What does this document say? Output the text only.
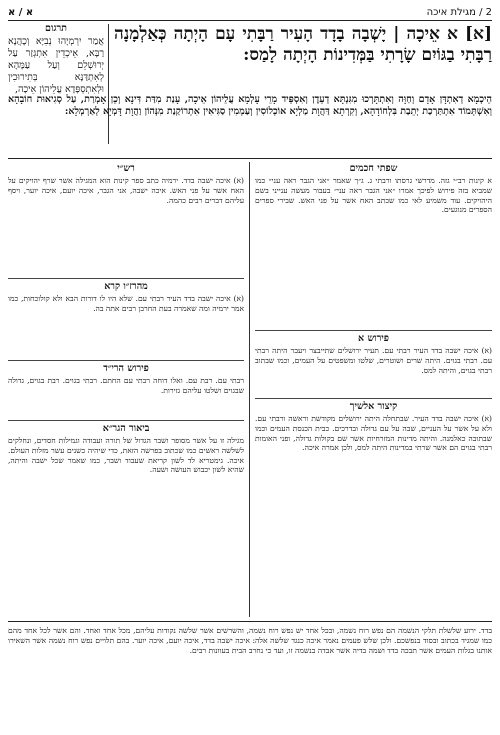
א / א	2 / מגילת איכה
תרגום
אֲמַר יִרְמְיָהוּ נְבִיָּא וְכָהֲנָא רַבָּא, אֵיכְדֵין אִתְגְּזַר עַל יְרוּשְׁלֵם וְעַל עַמָּהָא לְאִתְדַּנָּא בְּתִירוּכִין וּלְאִתְסְפָּדָא עֲלֵיהוֹן אֵיכָה,
[א] א אֵיכָה | יָשְׁבָה בָדָד הָעִיר רַבָּתִי עָם הָיְתָה כְּאַלְמָנָה רַבָּתִי בַגּוֹיִם שָׂרָתִי בַּמְּדִינוֹת הָיְתָה לָמַס:
הֵיכְמָא דְאִתְדָּן אָדָם וְחַוָּה וְאִתְתָּרְכוּ מִגִּנְתָּא דְעֵדֶן וְאִסְפֵּיד מָרֵי עָלְמָא עֲלֵיהוֹן אֵיכָה, עָנַת מִדַּת דִּינָא וְכֵן אָמְרַת, עַל סְגִיאוּת חוֹבָהָא וְאִשְׁתְּמוֹד אִתְתַּרְכַת יְתֵבַת בִּלְחוֹדָהָא, וְקִרְתָא דַּהֲוָת מַלְיָא אוֹכְלוֹסִין וְעַמְמִין סַגִּיאִין אִתְרוֹקַנַת מִנְּהוֹן וַהֲוָת דָּמְיָא לְאַרְמְלָא:
רש״י
(א) איכה ישבה בדד. ירמיה כתב ספר קינות הוא המגילה אשר שרף יהויקים על האח אשר על פני האש. איכה ישבה, אני הגבר, איכה יועם, איכה יוער, ויסף עליהם דברים רבים כהמה.
מהרז״ו קרא
(א) איכה ישבה בדד העיר רבתי עם. שלא היו לו דורות הבא ולא קולוכחות, כמו אמר ירמיה ומה שאמרה בעת החרבן רבים אתה בה.
פירוש הרי״ד
רבתי עם. רבת עם. ואלו דוחה רבתי עם החתם. רבתי בגוים. רבת בגוים, גדולה שבגוים ושלטו עליהם גזירות.
ביאור הגר״א
מגילה זו על אשר מסופר ושבר הגדול של תורה ועבודה וגמילות חסדים, ונחלקים לשלשה ראשים כמו שכתוב בפרשה הזאת, כדי שיהיה כשנים עשר מזלות העולם. איכה. גימטריא לד לשון קריאת שעבוד ושבר, כמו שאמר שכל ישבה והיתה, שהיא לשון יכבוש העושה ושעה.
שפתי חכמים
א קינות רב״י גזה. מדרשי גרסתו ורבתי ג. ג״ך שאמר ״אני הגבר ראה עני״ כמו שמביא בזה פירוש לפיכך אמרו ״אני הגבר ראה עני״ בעבור מעשה ענייני בשם היהויקים. עוד משמיע לאי כמו שכתב האח אשר על פני האש. שבירי ספרים הספרים מנוגעים.
פירוש א
(א) איכה ישבה בדד העיר רבתי עם. תעיר ירושלים שתייבצר ויעבר היתה רבתי עם. רבתי בגוים. היתה שרים ושוטרים, שלטו ומשפטים על העמים, וכמו שבתוב רבתי בגוים, והיתה למס.
קיצור אלשיך
(א) איכה ישבה בדד העיר. שבתחלה היתה ירושלים מקודשת וראשה ורבתי עם. ולא על אשר על העניים, שבה על עם גדולה ובדרכים. כבית הכנסת העמים וכמו שבתובה כאלמנה. והיתה מדינות המזרחיות אשר שם בקולות גדולה, ופני האומות רבתי בגוים הם אשר שרתי במדינות היתה למס, ולכן אמרה איכה.
בדד. ירוע שלשלת תלקי הנשמה הם נפש רוח נשמה, ובכל אחד יש נפש רוח נשמה, והשרשים אשר שלשה נקודות עליהם, מכל אחד ואחד. והם אשר לכל אחד מהם כמו שמגיד בכתוב ובסוד בנפשכם. ולכן שלש פעמים נאמר איכה כנגד שלשה אלה: איכה ישבה בדד, איכה יועם, איכה יוער. בהם תלויים נפש רוח נשמה אשר השאירו אותנו בגלות העמים אשר תבכה בדד ושמה בדיה אשר אבדה בנשמה זו, ועד כי נחרב הבית בעוונות רבים.
